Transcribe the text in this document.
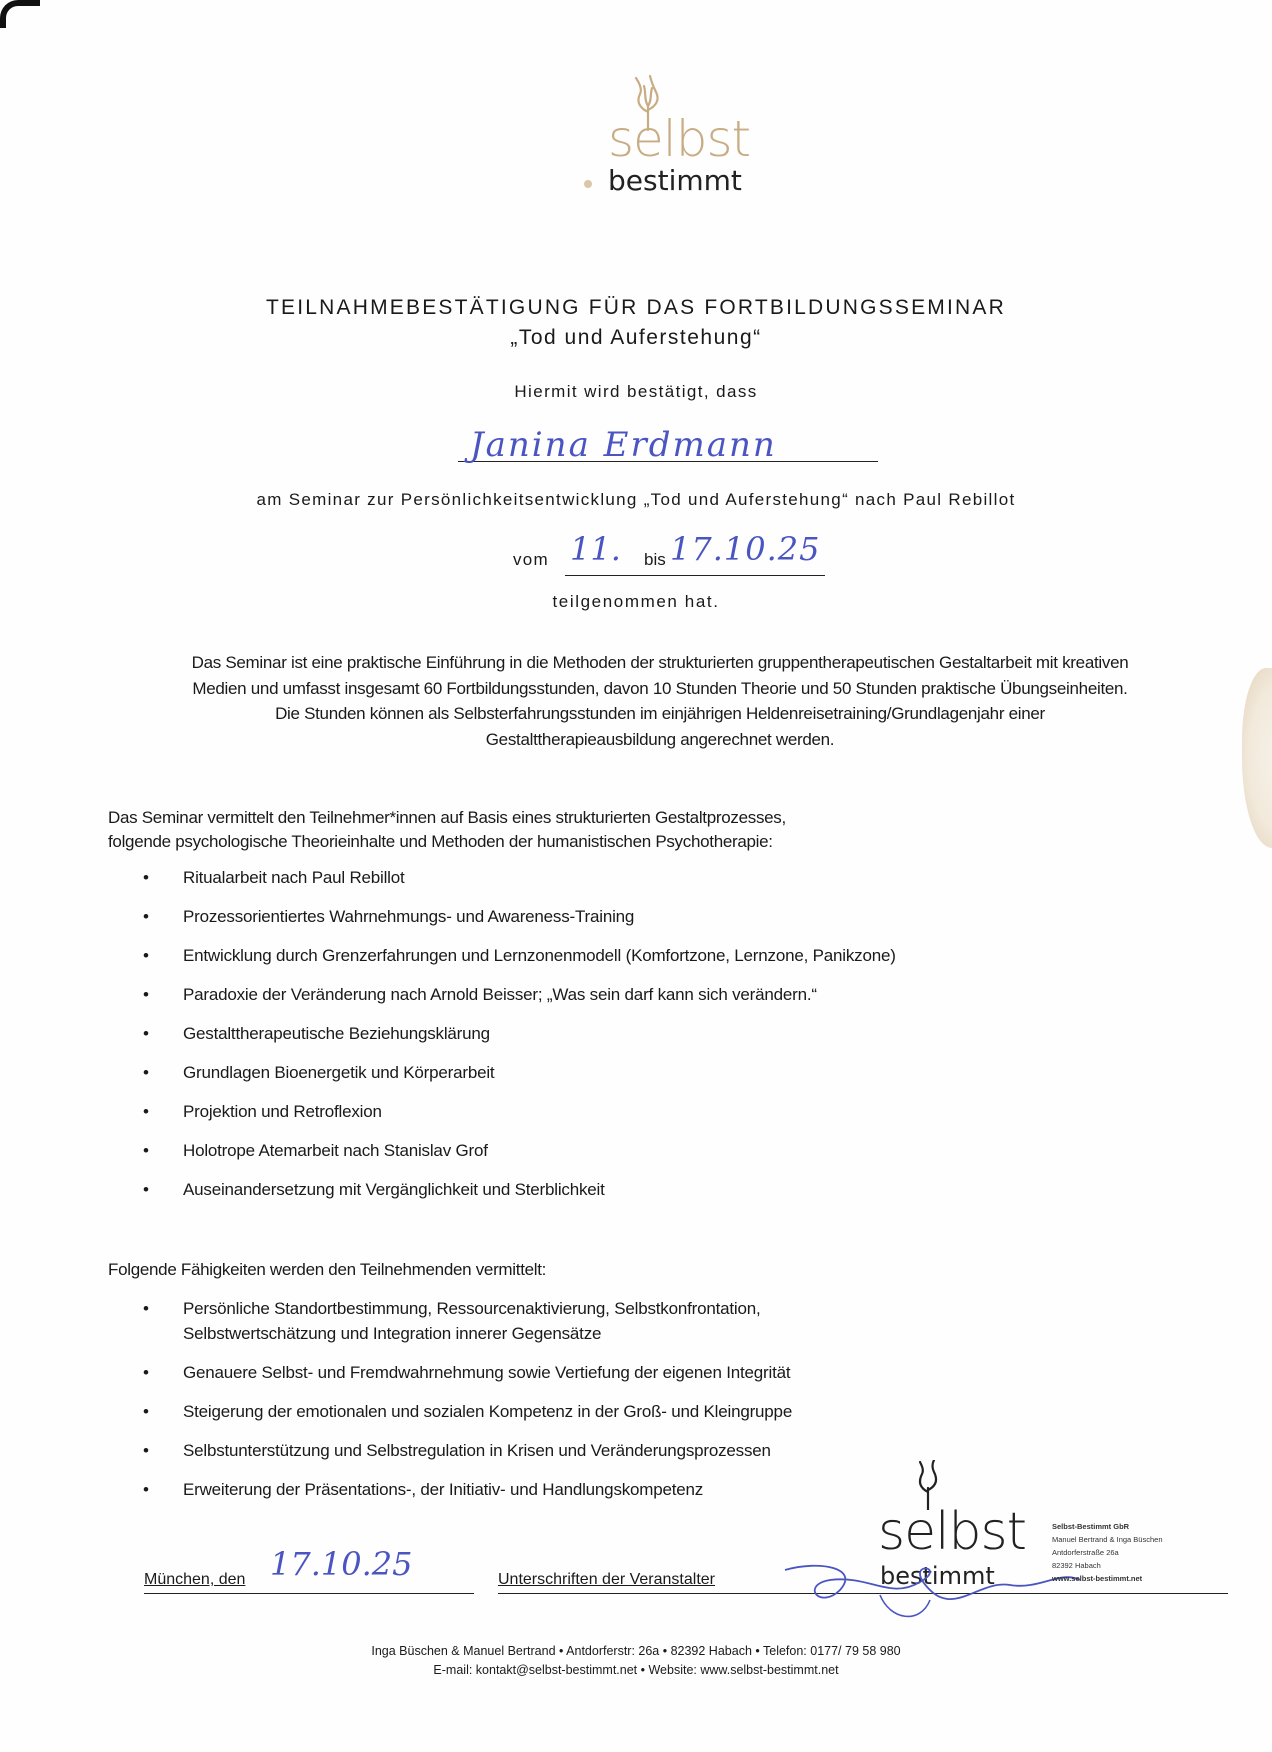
selbst
bestimmt
TEILNAHMEBESTÄTIGUNG FÜR DAS FORTBILDUNGSSEMINAR
„Tod und Auferstehung“
Hiermit wird bestätigt, dass
Janina Erdmann
am Seminar zur Persönlichkeitsentwicklung „Tod und Auferstehung“ nach Paul Rebillot
vom	bis
11. 17.10.25
teilgenommen hat.
Das Seminar ist eine praktische Einführung in die Methoden der strukturierten gruppentherapeutischen Gestaltarbeit mit kreativen
Medien und umfasst insgesamt 60 Fortbildungsstunden, davon 10 Stunden Theorie und 50 Stunden praktische Übungseinheiten.
Die Stunden können als Selbsterfahrungsstunden im einjährigen Heldenreisetraining/Grundlagenjahr einer
Gestalttherapieausbildung angerechnet werden.
Das Seminar vermittelt den Teilnehmer*innen auf Basis eines strukturierten Gestaltprozesses,
folgende psychologische Theorieinhalte und Methoden der humanistischen Psychotherapie:
• Ritualarbeit nach Paul Rebillot
• Prozessorientiertes Wahrnehmungs- und Awareness-Training
• Entwicklung durch Grenzerfahrungen und Lernzonenmodell (Komfortzone, Lernzone, Panikzone)
• Paradoxie der Veränderung nach Arnold Beisser; „Was sein darf kann sich verändern.“
• Gestalttherapeutische Beziehungsklärung
• Grundlagen Bioenergetik und Körperarbeit
• Projektion und Retroflexion
• Holotrope Atemarbeit nach Stanislav Grof
• Auseinandersetzung mit Vergänglichkeit und Sterblichkeit
Folgende Fähigkeiten werden den Teilnehmenden vermittelt:
• Persönliche Standortbestimmung, Ressourcenaktivierung, Selbstkonfrontation, Selbstwertschätzung und Integration innerer Gegensätze
• Genauere Selbst- und Fremdwahrnehmung sowie Vertiefung der eigenen Integrität
• Steigerung der emotionalen und sozialen Kompetenz in der Groß- und Kleingruppe
• Selbstunterstützung und Selbstregulation in Krisen und Veränderungsprozessen
• Erweiterung der Präsentations-, der Initiativ- und Handlungskompetenz
München, den 17.10.25	Unterschriften der Veranstalter
selbst
bestimmt
Selbst-Bestimmt GbR
Manuel Bertrand & Inga Büschen
Antdorferstraße 26a
82392 Habach
www.selbst-bestimmt.net
Inga Büschen & Manuel Bertrand • Antdorferstr: 26a • 82392 Habach • Telefon: 0177/ 79 58 980
E-mail: kontakt@selbst-bestimmt.net • Website: www.selbst-bestimmt.net
